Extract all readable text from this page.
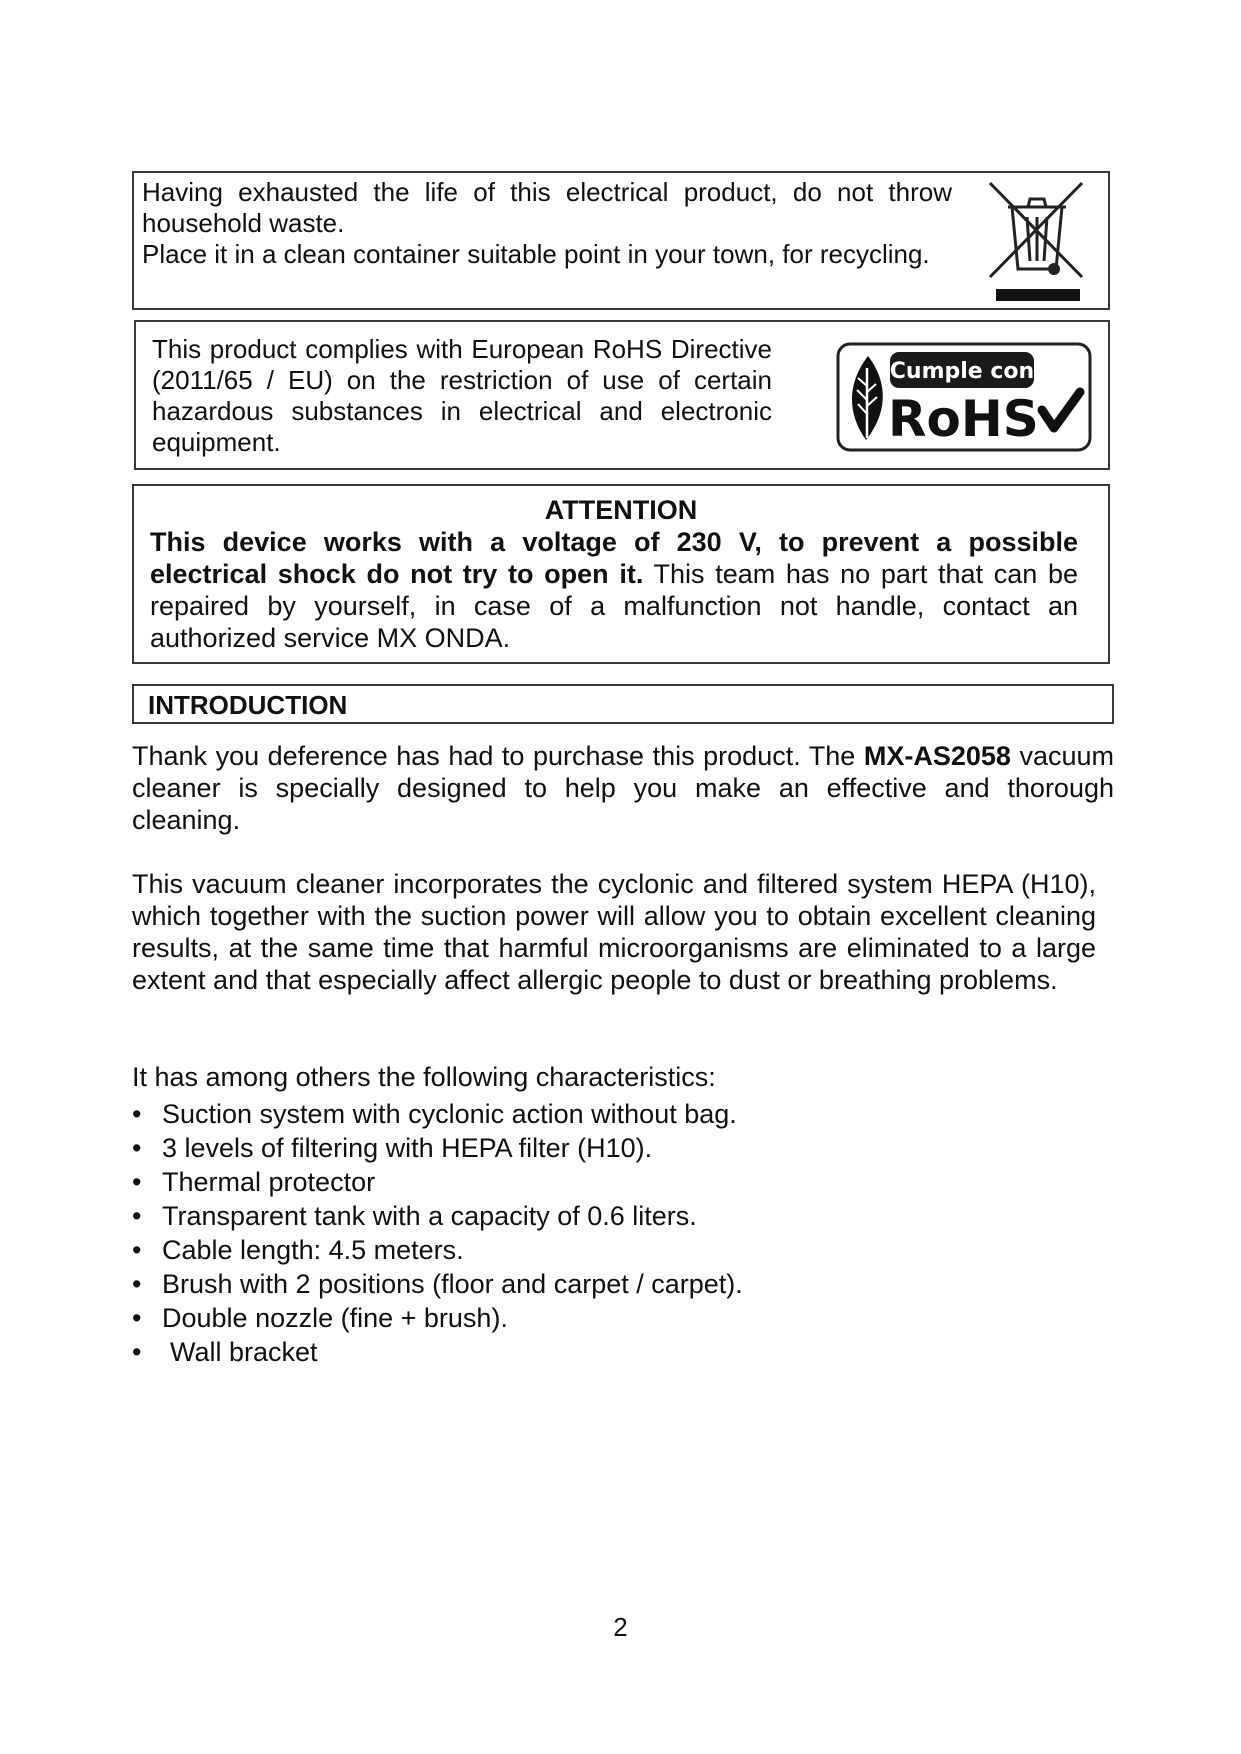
Having exhausted the life of this electrical product, do not throw household waste.

Place it in a clean container suitable point in your town, for recycling.

This product complies with European RoHS Directive (2011/65 / EU) on the restriction of use of certain hazardous substances in electrical and electronic equipment.
Cumple con
RoHS
ATTENTION
This device works with a voltage of 230 V, to prevent a possible electrical shock do not try to open it. This team has no part that can be repaired by yourself, in case of a malfunction not handle, contact an authorized service MX ONDA.
INTRODUCTION
Thank you deference has had to purchase this product. The MX-AS2058 vacuum cleaner is specially designed to help you make an effective and thorough cleaning.
This vacuum cleaner incorporates the cyclonic and filtered system HEPA (H10), which together with the suction power will allow you to obtain excellent cleaning results, at the same time that harmful microorganisms are eliminated to a large extent and that especially affect allergic people to dust or breathing problems.
It has among others the following characteristics:
• Suction system with cyclonic action without bag.
• 3 levels of filtering with HEPA filter (H10).
• Thermal protector
• Transparent tank with a capacity of 0.6 liters.
• Cable length: 4.5 meters.
• Brush with 2 positions (floor and carpet / carpet).
• Double nozzle (fine + brush).
• Wall bracket
2
